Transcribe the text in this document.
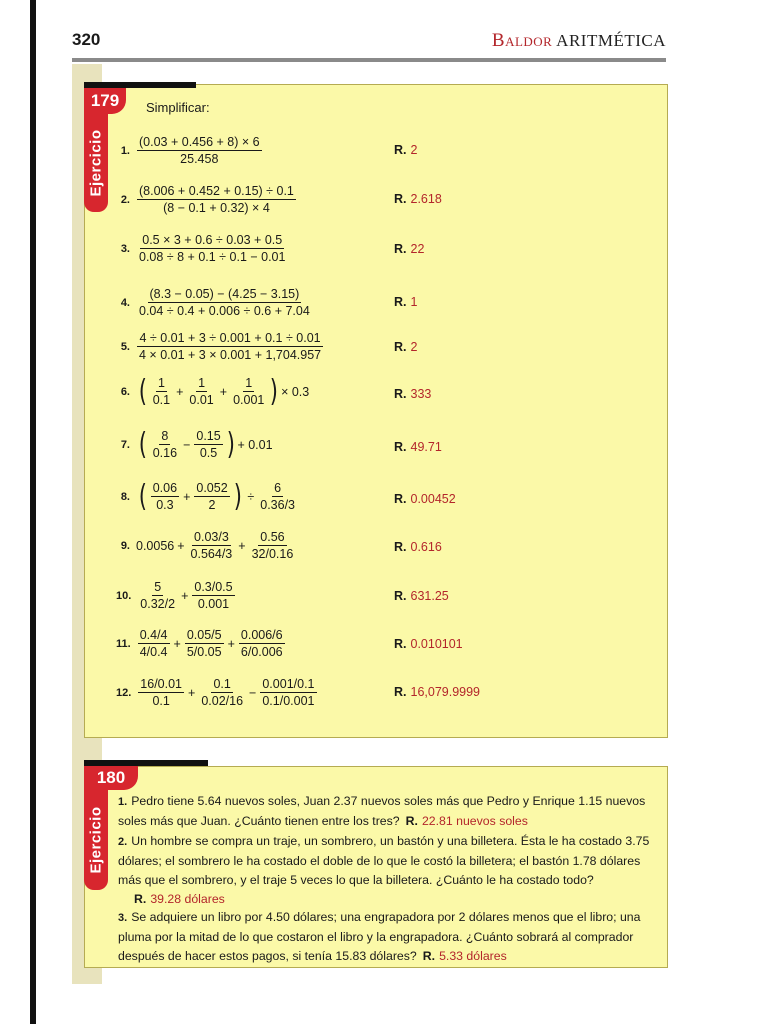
320	Baldor ARITMÉTICA
179
Ejercicio
Simplificar:
1. $\frac{(0.03 + 0.456 + 8) \times 6}{25.458}$	R. 2
2. $\frac{(8.006 + 0.452 + 0.15) \div 0.1}{(8 - 0.1 + 0.32) \times 4}$	R. 2.618
3. $\frac{0.5 \times 3 + 0.6 \div 0.03 + 0.5}{0.08 \div 8 + 0.1 \div 0.1 - 0.01}$	R. 22
4. $\frac{(8.3 - 0.05) - (4.25 - 3.15)}{0.04 \div 0.4 + 0.006 \div 0.6 + 7.04}$	R. 1
5. $\frac{4 \div 0.01 + 3 \div 0.001 + 0.1 \div 0.01}{4 \times 0.01 + 3 \times 0.001 + 1,704.957}$	R. 2
6. ( $\frac{1}{0.1} + \frac{1}{0.01} + \frac{1}{0.001}$ ) × 0.3	R. 333
7. ( $\frac{8}{0.16} - \frac{0.15}{0.5}$ ) + 0.01	R. 49.71
8. ( $\frac{0.06}{0.3} + \frac{0.052}{2}$ ) ÷ $\frac{6}{0.36/3}$	R. 0.00452
9. $0.0056 + \frac{0.03/3}{0.564/3} + \frac{0.56}{32/0.16}$	R. 0.616
10. $\frac{5}{0.32/2} + \frac{0.3/0.5}{0.001}$	R. 631.25
11. $\frac{0.4/4}{4/0.4} + \frac{0.05/5}{5/0.05} + \frac{0.006/6}{6/0.006}$	R. 0.010101
12. $\frac{16/0.01}{0.1} + \frac{0.1}{0.02/16} - \frac{0.001/0.1}{0.1/0.001}$	R. 16,079.9999
180
Ejercicio
1. Pedro tiene 5.64 nuevos soles, Juan 2.37 nuevos soles más que Pedro y Enrique 1.15 nuevos soles más que Juan. ¿Cuánto tienen entre los tres? R. 22.81 nuevos soles
2. Un hombre se compra un traje, un sombrero, un bastón y una billetera. Ésta le ha costado 3.75 dólares; el sombrero le ha costado el doble de lo que le costó la billetera; el bastón 1.78 dólares más que el sombrero, y el traje 5 veces lo que la billetera. ¿Cuánto le ha costado todo?
R. 39.28 dólares
3. Se adquiere un libro por 4.50 dólares; una engrapadora por 2 dólares menos que el libro; una pluma por la mitad de lo que costaron el libro y la engrapadora. ¿Cuánto sobrará al comprador después de hacer estos pagos, si tenía 15.83 dólares? R. 5.33 dólares
